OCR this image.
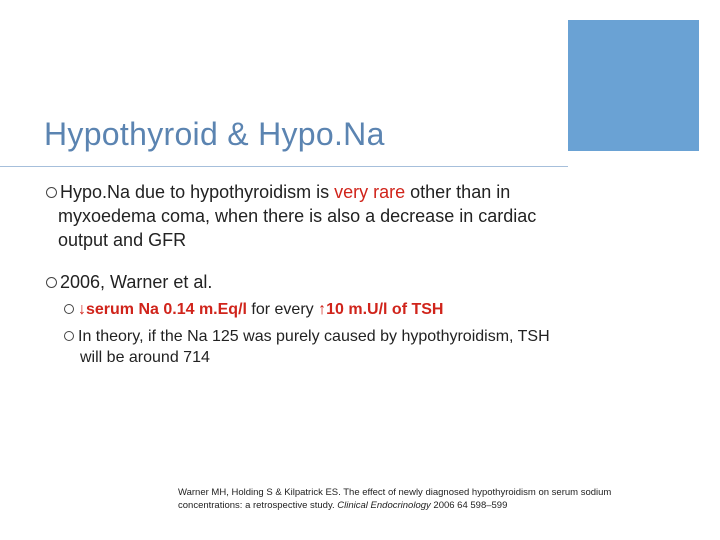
Hypothyroid & Hypo.Na
Hypo.Na due to hypothyroidism is very rare other than in myxoedema coma, when there is also a decrease in cardiac output and GFR
2006, Warner et al.
↓serum Na 0.14 m.Eq/l for every ↑10 m.U/l of TSH
In theory, if the Na 125 was purely caused by hypothyroidism, TSH will be around 714
Warner MH, Holding S & Kilpatrick ES. The effect of newly diagnosed hypothyroidism on serum sodium concentrations: a retrospective study. Clinical Endocrinology 2006 64 598–599
